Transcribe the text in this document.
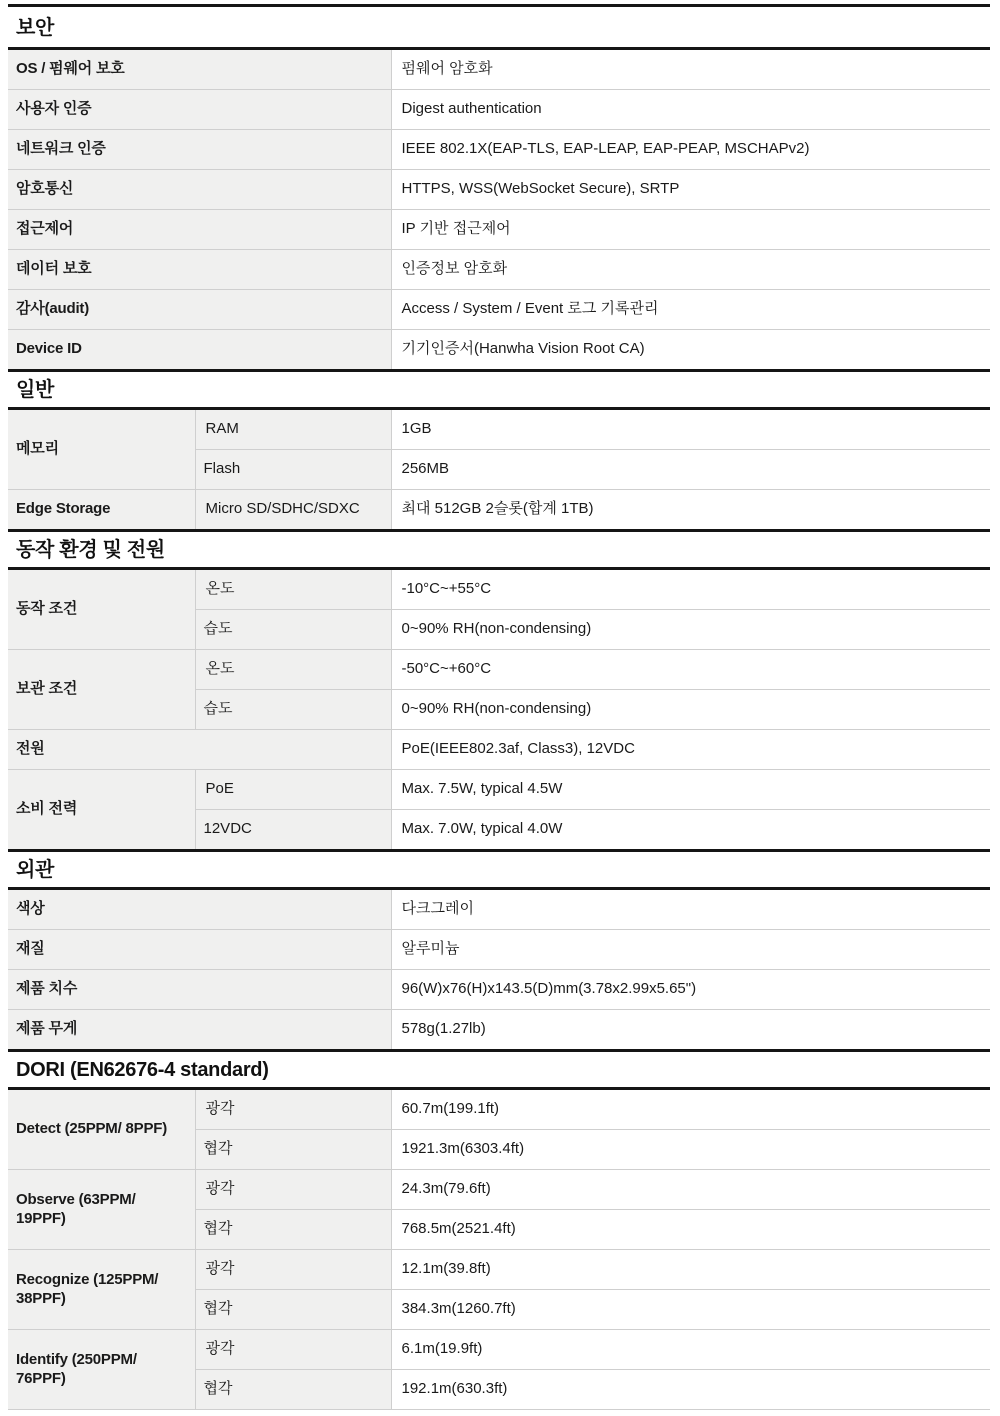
보안
OS / 펌웨어 보호	펌웨어 암호화
사용자 인증	Digest authentication
네트워크 인증	IEEE 802.1X(EAP-TLS, EAP-LEAP, EAP-PEAP, MSCHAPv2)
암호통신	HTTPS, WSS(WebSocket Secure), SRTP
접근제어	IP 기반 접근제어
데이터 보호	인증정보 암호화
감사(audit)	Access / System / Event 로그 기록관리
Device ID	기기인증서(Hanwha Vision Root CA)
일반
메모리	RAM	1GB
	Flash	256MB
Edge Storage	Micro SD/SDHC/SDXC	최대 512GB 2슬롯(합계 1TB)
동작 환경 및 전원
동작 조건	온도	-10°C~+55°C
	습도	0~90% RH(non-condensing)
보관 조건	온도	-50°C~+60°C
	습도	0~90% RH(non-condensing)
전원		PoE(IEEE802.3af, Class3), 12VDC
소비 전력	PoE	Max. 7.5W, typical 4.5W
	12VDC	Max. 7.0W, typical 4.0W
외관
색상	다크그레이
재질	알루미늄
제품 치수	96(W)x76(H)x143.5(D)mm(3.78x2.99x5.65")
제품 무게	578g(1.27lb)
DORI (EN62676-4 standard)
Detect (25PPM/ 8PPF)	광각	60.7m(199.1ft)
	협각	1921.3m(6303.4ft)
Observe (63PPM/ 19PPF)	광각	24.3m(79.6ft)
	협각	768.5m(2521.4ft)
Recognize (125PPM/ 38PPF)	광각	12.1m(39.8ft)
	협각	384.3m(1260.7ft)
Identify (250PPM/ 76PPF)	광각	6.1m(19.9ft)
	협각	192.1m(630.3ft)
